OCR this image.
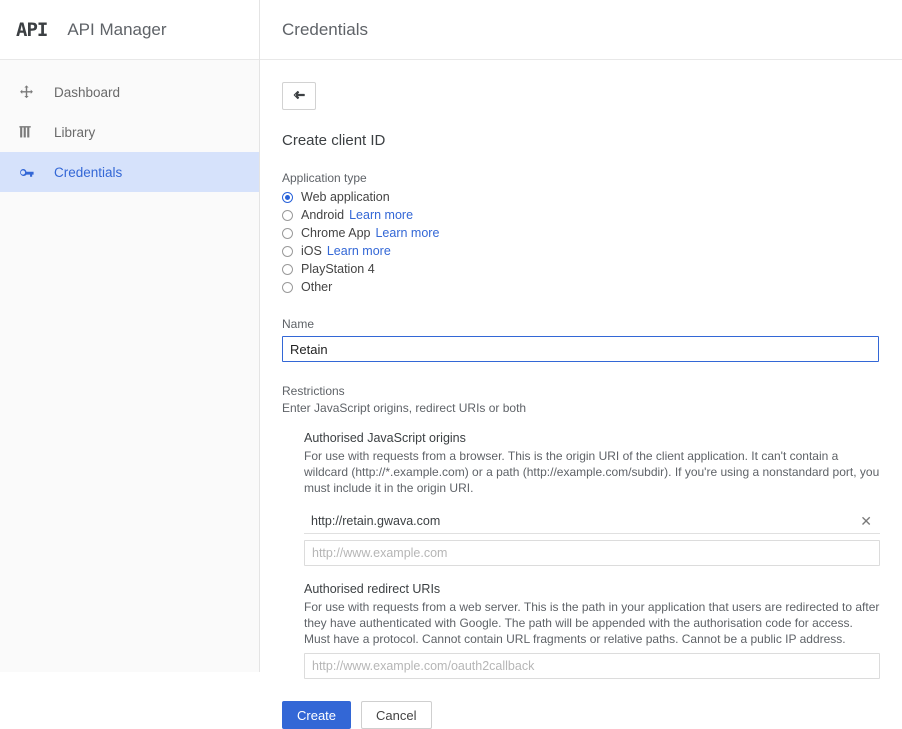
API API Manager
Dashboard
Library
Credentials
Credentials
Create client ID
Application type
Web application
Android Learn more
Chrome App Learn more
iOS Learn more
PlayStation 4
Other
Name
Retain
Restrictions
Enter JavaScript origins, redirect URIs or both
Authorised JavaScript origins
For use with requests from a browser. This is the origin URI of the client application. It can't contain a wildcard (http://*.example.com) or a path (http://example.com/subdir). If you're using a nonstandard port, you must include it in the origin URI.
http://retain.gwava.com	✕
http://www.example.com
Authorised redirect URIs
For use with requests from a web server. This is the path in your application that users are redirected to after they have authenticated with Google. The path will be appended with the authorisation code for access. Must have a protocol. Cannot contain URL fragments or relative paths. Cannot be a public IP address.
http://www.example.com/oauth2callback
Create	Cancel
